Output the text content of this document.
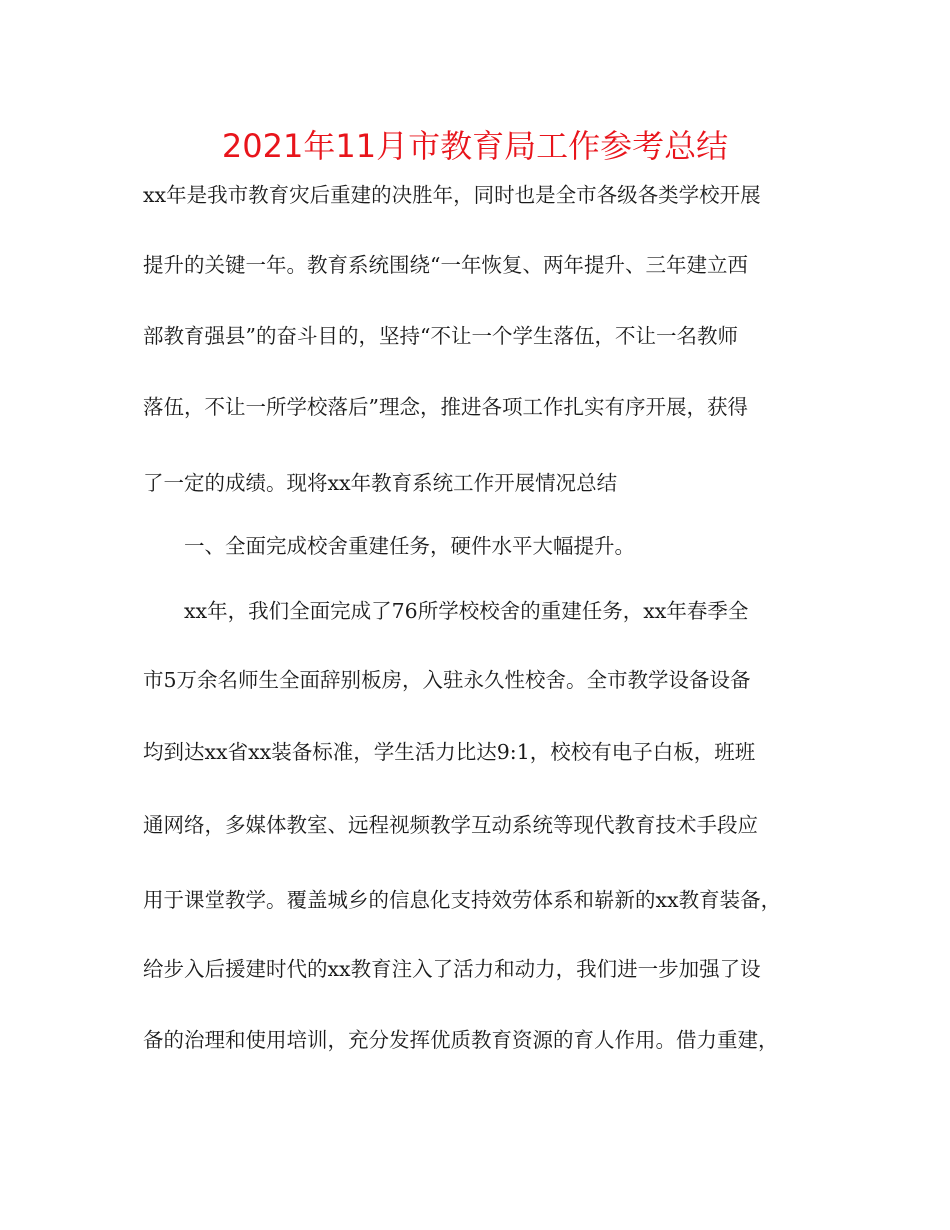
2021年11月市教育局工作参考总结
xx年是我市教育灾后重建的决胜年，同时也是全市各级各类学校开展
提升的关键一年。教育系统围绕“一年恢复、两年提升、三年建立西
部教育强县”的奋斗目的，坚持“不让一个学生落伍，不让一名教师
落伍，不让一所学校落后”理念，推进各项工作扎实有序开展，获得
了一定的成绩。现将xx年教育系统工作开展情况总结
一、全面完成校舍重建任务，硬件水平大幅提升。
xx年，我们全面完成了76所学校校舍的重建任务，xx年春季全
市5万余名师生全面辞别板房，入驻永久性校舍。全市教学设备设备
均到达xx省xx装备标准，学生活力比达9:1，校校有电子白板，班班
通网络，多媒体教室、远程视频教学互动系统等现代教育技术手段应
用于课堂教学。覆盖城乡的信息化支持效劳体系和崭新的xx教育装备，
给步入后援建时代的xx教育注入了活力和动力，我们进一步加强了设
备的治理和使用培训，充分发挥优质教育资源的育人作用。借力重建，
